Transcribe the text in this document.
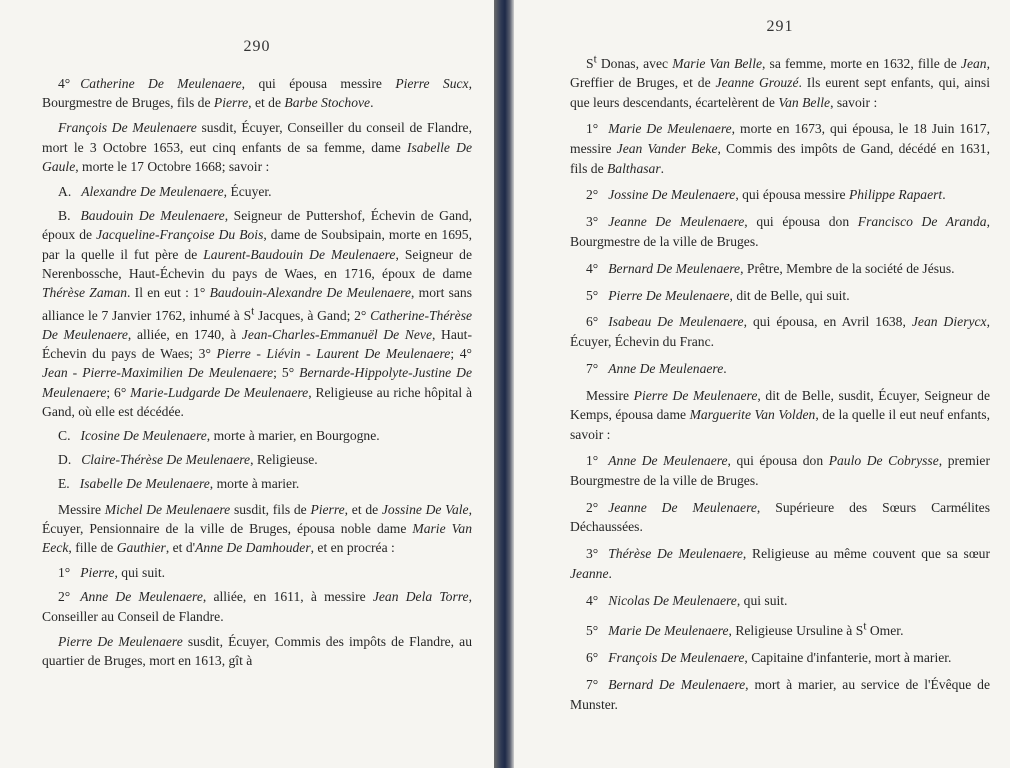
290

4° Catherine De Meulenaere, qui épousa messire Pierre Sucx, Bourgmestre de Bruges, fils de Pierre, et de Barbe Stochove.

François De Meulenaere susdit, Écuyer, Conseiller du conseil de Flandre, mort le 3 Octobre 1653, eut cinq enfants de sa femme, dame Isabelle De Gaule, morte le 17 Octobre 1668; savoir :

A. Alexandre De Meulenaere, Écuyer.

B. Baudouin De Meulenaere, Seigneur de Puttershof, Échevin de Gand, époux de Jacqueline-Françoise Du Bois, dame de Soubsipain, morte en 1695, par la quelle il fut père de Laurent-Baudouin De Meulenaere, Seigneur de Nerenbossche, Haut-Échevin du pays de Waes, en 1716, époux de dame Thérèse Zaman. Il en eut : 1° Baudouin-Alexandre De Meulenaere, mort sans alliance le 7 Janvier 1762, inhumé à $S^t$ Jacques, à Gand; 2° Catherine-Thérèse De Meulenaere, alliée, en 1740, à Jean-Charles-Emmanuël De Neve, Haut-Échevin du pays de Waes; 3° Pierre - Liévin - Laurent De Meulenaere; 4° Jean - Pierre-Maximilien De Meulenaere; 5° Bernarde-Hippolyte-Justine De Meulenaere; 6° Marie-Ludgarde De Meulenaere, Religieuse au riche hôpital à Gand, où elle est décédée.

C. Icosine De Meulenaere, morte à marier, en Bourgogne.

D. Claire-Thérèse De Meulenaere, Religieuse.

E. Isabelle De Meulenaere, morte à marier.

Messire Michel De Meulenaere susdit, fils de Pierre, et de Jossine De Vale, Écuyer, Pensionnaire de la ville de Bruges, épousa noble dame Marie Van Eeck, fille de Gauthier, et d'Anne De Damhouder, et en procréa :

1° Pierre, qui suit.

2° Anne De Meulenaere, alliée, en 1611, à messire Jean Dela Torre, Conseiller au Conseil de Flandre.

Pierre De Meulenaere susdit, Écuyer, Commis des impôts de Flandre, au quartier de Bruges, mort en 1613, gît à

291

$S^t$ Donas, avec Marie Van Belle, sa femme, morte en 1632, fille de Jean, Greffier de Bruges, et de Jeanne Grouzé. Ils eurent sept enfants, qui, ainsi que leurs descendants, écartelèrent de Van Belle, savoir :

1° Marie De Meulenaere, morte en 1673, qui épousa, le 18 Juin 1617, messire Jean Vander Beke, Commis des impôts de Gand, décédé en 1631, fils de Balthasar.

2° Jossine De Meulenaere, qui épousa messire Philippe Rapaert.

3° Jeanne De Meulenaere, qui épousa don Francisco De Aranda, Bourgmestre de la ville de Bruges.

4° Bernard De Meulenaere, Prêtre, Membre de la société de Jésus.

5° Pierre De Meulenaere, dit de Belle, qui suit.

6° Isabeau De Meulenaere, qui épousa, en Avril 1638, Jean Dierycx, Écuyer, Échevin du Franc.

7° Anne De Meulenaere.

Messire Pierre De Meulenaere, dit de Belle, susdit, Écuyer, Seigneur de Kemps, épousa dame Marguerite Van Volden, de la quelle il eut neuf enfants, savoir :

1° Anne De Meulenaere, qui épousa don Paulo De Cobrysse, premier Bourgmestre de la ville de Bruges.

2° Jeanne De Meulenaere, Supérieure des Sœurs Carmélites Déchaussées.

3° Thérèse De Meulenaere, Religieuse au même couvent que sa sœur Jeanne.

4° Nicolas De Meulenaere, qui suit.

5° Marie De Meulenaere, Religieuse Ursuline à $S^t$ Omer.

6° François De Meulenaere, Capitaine d'infanterie, mort à marier.

7° Bernard De Meulenaere, mort à marier, au service de l'Évêque de Munster.
